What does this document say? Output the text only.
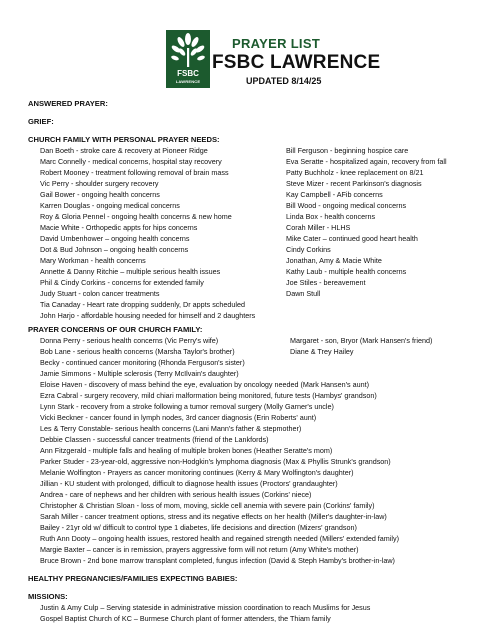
FSBC
LAWRENCE
PRAYER LIST
FSBC LAWRENCE
UPDATED 8/14/25
ANSWERED PRAYER:
GRIEF:
CHURCH FAMILY WITH PERSONAL PRAYER NEEDS:
Dan Boeth - stroke care & recovery at Pioneer Ridge	Bill Ferguson - beginning hospice care
Marc Connelly - medical concerns, hospital stay recovery	Eva Seratte - hospitalized again, recovery from fall
Robert Mooney - treatment following removal of brain mass	Patty Buchholz - knee replacement on 8/21
Vic Perry - shoulder surgery recovery	Steve Mizer - recent Parkinson's diagnosis
Gail Bower - ongoing health concerns	Kay Campbell - AFib concerns
Karren Douglas - ongoing medical concerns	Bill Wood - ongoing medical concerns
Roy & Gloria Pennel - ongoing health concerns & new home	Linda Box - health concerns
Macie White - Orthopedic appts for hips concerns	Corah Miller - HLHS
David Umbenhower – ongoing health concerns	Mike Cater – continued good heart health
Dot & Bud Johnson – ongoing health concerns	Cindy Corkins
Mary Workman - health concerns	Jonathan, Amy & Macie White
Annette & Danny Ritchie – multiple serious health issues	Kathy Laub - multiple health concerns
Phil & Cindy Corkins - concerns for extended family	Joe Stiles - bereavement
Judy Stuart - colon cancer treatments	Dawn Stull
Tia Canaday - Heart rate dropping suddenly, Dr appts scheduled
John Harjo - affordable housing needed for himself and 2 daughters
PRAYER CONCERNS OF OUR CHURCH FAMILY:
Donna Perry - serious health concerns (Vic Perry's wife)	Margaret - son, Bryor (Mark Hansen's friend)
Bob Lane - serious health concerns (Marsha Taylor's brother)	Diane & Trey Hailey
Becky - continued cancer monitoring (Rhonda Ferguson's sister)
Jamie Simmons - Multiple sclerosis (Terry McIlvain's daughter)
Eloise Haven - discovery of mass behind the eye, evaluation by oncology needed (Mark Hansen's aunt)
Ezra Cabral - surgery recovery, mild chiari malformation being monitored, future tests (Hambys' grandson)
Lynn Stark - recovery from a stroke following a tumor removal surgery (Molly Garner's uncle)
Vicki Beckner - cancer found in lymph nodes, 3rd cancer diagnosis (Erin Roberts' aunt)
Les & Terry Constable- serious health concerns (Lani Mann's father & stepmother)
Debbie Classen - successful cancer treatments (friend of the Lankfords)
Ann Fitzgerald - multiple falls and healing of multiple broken bones (Heather Seratte's mom)
Parker Studer - 23-year-old, aggressive non-Hodgkin's lymphoma diagnosis (Max & Phyllis Strunk's grandson)
Melanie Wolfington - Prayers as cancer monitoring continues (Kerry & Mary Wolfington's daughter)
Jillian - KU student with prolonged, difficult to diagnose health issues (Proctors' grandaughter)
Andrea - care of nephews and her children with serious health issues (Corkins' niece)
Christopher & Christian Sloan - loss of mom, moving, sickle cell anemia with severe pain (Corkins' family)
Sarah Miller - cancer treatment options, stress and its negative effects on her health (Miller's daughter-in-law)
Bailey - 21yr old w/ difficult to control type 1 diabetes, life decisions and direction (Mizers' grandson)
Ruth Ann Dooty – ongoing health issues, restored health and regained strength needed (Millers' extended family)
Margie Baxter – cancer is in remission, prayers aggressive form will not return (Amy White's mother)
Bruce Brown - 2nd bone marrow transplant completed, fungus infection (David & Steph Hamby's brother-in-law)
HEALTHY PREGNANCIES/FAMILIES EXPECTING BABIES:
MISSIONS:
Justin & Amy Culp – Serving stateside in administrative mission coordination to reach Muslims for Jesus
Gospel Baptist Church of KC – Burmese Church plant of former attenders, the Thiam family
